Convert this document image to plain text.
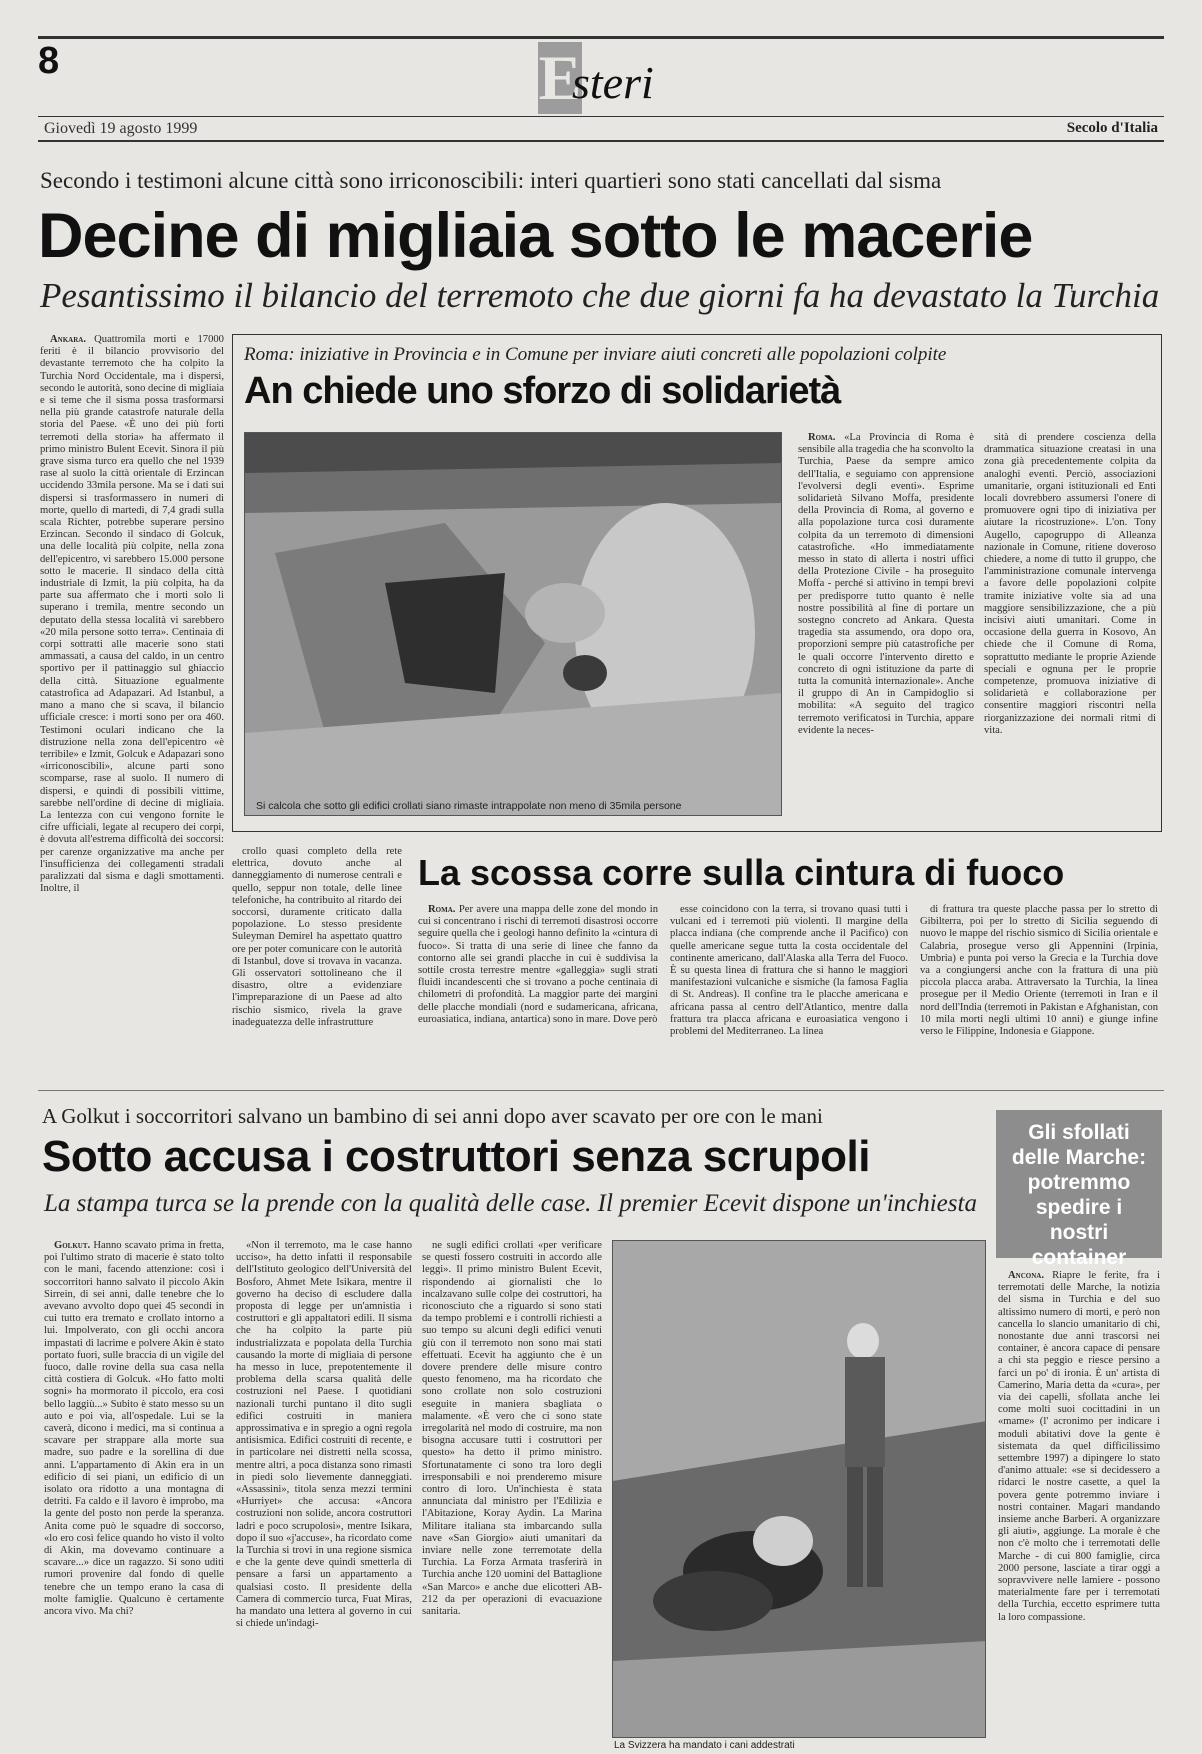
8	E
steri
Giovedì 19 agosto 1999	Secolo d'Italia
Secondo i testimoni alcune città sono irriconoscibili: interi quartieri sono stati cancellati dal sisma
Decine di migliaia sotto le macerie
Pesantissimo il bilancio del terremoto che due giorni fa ha devastato la Turchia

Ankara. Quattromila morti e 17000 feriti è il bilancio provvisorio del devastante terremoto che ha colpito la Turchia Nord Occidentale, ma i dispersi, secondo le autorità, sono decine di migliaia e si teme che il sisma possa trasformarsi nella più grande catastrofe naturale della storia del Paese. «È uno dei più forti terremoti della storia» ha affermato il primo ministro Bulent Ecevit. Sinora il più grave sisma turco era quello che nel 1939 rase al suolo la città orientale di Erzincan uccidendo 33mila persone. Ma se i dati sui dispersi si trasformassero in numeri di morte, quello di martedì, di 7,4 gradi sulla scala Richter, potrebbe superare persino Erzincan. Secondo il sindaco di Golcuk, una delle località più colpite, nella zona dell'epicentro, vi sarebbero 15.000 persone sotto le macerie. Il sindaco della città industriale di Izmit, la più colpita, ha da parte sua affermato che i morti solo li superano i tremila, mentre secondo un deputato della stessa località vi sarebbero «20 mila persone sotto terra». Centinaia di corpi sottratti alle macerie sono stati ammassati, a causa del caldo, in un centro sportivo per il pattinaggio sul ghiaccio della città. Situazione egualmente catastrofica ad Adapazari. Ad Istanbul, a mano a mano che si scava, il bilancio ufficiale cresce: i morti sono per ora 460. Testimoni oculari indicano che la distruzione nella zona dell'epicentro «è terribile» e Izmit, Golcuk e Adapazari sono «irriconoscibili», alcune parti sono scomparse, rase al suolo. Il numero di dispersi, e quindi di possibili vittime, sarebbe nell'ordine di decine di migliaia. La lentezza con cui vengono fornite le cifre ufficiali, legate al recupero dei corpi, è dovuta all'estrema difficoltà dei soccorsi: per carenze organizzative ma anche per l'insufficienza dei collegamenti stradali paralizzati dal sisma e dagli smottamenti. Inoltre, il

Roma: iniziative in Provincia e in Comune per inviare aiuti concreti alle popolazioni colpite
An chiede uno sforzo di solidarietà
Si calcola che sotto gli edifici crollati siano rimaste intrappolate non meno di 35mila persone

Roma. «La Provincia di Roma è sensibile alla tragedia che ha sconvolto la Turchia, Paese da sempre amico dell'Italia, e seguiamo con apprensione l'evolversi degli eventi». Esprime solidarietà Silvano Moffa, presidente della Provincia di Roma, al governo e alla popolazione turca così duramente colpita da un terremoto di dimensioni catastrofiche. «Ho immediatamente messo in stato di allerta i nostri uffici della Protezione Civile - ha proseguito Moffa - perché si attivino in tempi brevi per predisporre tutto quanto è nelle nostre possibilità al fine di portare un sostegno concreto ad Ankara. Questa tragedia sta assumendo, ora dopo ora, proporzioni sempre più catastrofiche per le quali occorre l'intervento diretto e concreto di ogni istituzione da parte di tutta la comunità internazionale». Anche il gruppo di An in Campidoglio si mobilita: «A seguito del tragico terremoto verificatosi in Turchia, appare evidente la neces-

sità di prendere coscienza della drammatica situazione creatasi in una zona già precedentemente colpita da analoghi eventi. Perciò, associazioni umanitarie, organi istituzionali ed Enti locali dovrebbero assumersi l'onere di promuovere ogni tipo di iniziativa per aiutare la ricostruzione». L'on. Tony Augello, capogruppo di Alleanza nazionale in Comune, ritiene doveroso chiedere, a nome di tutto il gruppo, che l'amministrazione comunale intervenga a favore delle popolazioni colpite tramite iniziative volte sia ad una maggiore sensibilizzazione, che a più incisivi aiuti umanitari. Come in occasione della guerra in Kosovo, An chiede che il Comune di Roma, soprattutto mediante le proprie Aziende speciali e ognuna per le proprie competenze, promuova iniziative di solidarietà e collaborazione per consentire maggiori riscontri nella riorganizzazione dei normali ritmi di vita.

crollo quasi completo della rete elettrica, dovuto anche al danneggiamento di numerose centrali e quello, seppur non totale, delle linee telefoniche, ha contribuito al ritardo dei soccorsi, duramente criticato dalla popolazione. Lo stesso presidente Suleyman Demirel ha aspettato quattro ore per poter comunicare con le autorità di Istanbul, dove si trovava in vacanza. Gli osservatori sottolineano che il disastro, oltre a evidenziare l'impreparazione di un Paese ad alto rischio sismico, rivela la grave inadeguatezza delle infrastrutture

La scossa corre sulla cintura di fuoco

Roma. Per avere una mappa delle zone del mondo in cui si concentrano i rischi di terremoti disastrosi occorre seguire quella che i geologi hanno definito la «cintura di fuoco». Si tratta di una serie di linee che fanno da contorno alle sei grandi placche in cui è suddivisa la sottile crosta terrestre mentre «galleggia» sugli strati fluidi incandescenti che si trovano a poche centinaia di chilometri di profondità. La maggior parte dei margini delle placche mondiali (nord e sudamericana, africana, euroasiatica, indiana, antartica) sono in mare. Dove però

esse coincidono con la terra, si trovano quasi tutti i vulcani ed i terremoti più violenti. Il margine della placca indiana (che comprende anche il Pacifico) con quelle americane segue tutta la costa occidentale del continente americano, dall'Alaska alla Terra del Fuoco. È su questa linea di frattura che si hanno le maggiori manifestazioni vulcaniche e sismiche (la famosa Faglia di St. Andreas). Il confine tra le placche americana e africana passa al centro dell'Atlantico, mentre dalla frattura tra placca africana e euroasiatica vengono i problemi del Mediterraneo. La linea

di frattura tra queste placche passa per lo stretto di Gibilterra, poi per lo stretto di Sicilia seguendo di nuovo le mappe del rischio sismico di Sicilia orientale e Calabria, prosegue verso gli Appennini (Irpinia, Umbria) e punta poi verso la Grecia e la Turchia dove va a congiungersi anche con la frattura di una più piccola placca araba. Attraversato la Turchia, la linea prosegue per il Medio Oriente (terremoti in Iran e il nord dell'India (terremoti in Pakistan e Afghanistan, con 10 mila morti negli ultimi 10 anni) e giunge infine verso le Filippine, Indonesia e Giappone.

A Golkut i soccorritori salvano un bambino di sei anni dopo aver scavato per ore con le mani
Sotto accusa i costruttori senza scrupoli
La stampa turca se la prende con la qualità delle case. Il premier Ecevit dispone un'inchiesta

Golkut. Hanno scavato prima in fretta, poi l'ultimo strato di macerie è stato tolto con le mani, facendo attenzione: così i soccorritori hanno salvato il piccolo Akin Sirrein, di sei anni, dalle tenebre che lo avevano avvolto dopo quei 45 secondi in cui tutto era tremato e crollato intorno a lui. Impolverato, con gli occhi ancora impastati di lacrime e polvere Akin è stato portato fuori, sulle braccia di un vigile del fuoco, dalle rovine della sua casa nella città costiera di Golcuk. «Ho fatto molti sogni» ha mormorato il piccolo, era così bello laggiù...» Subito è stato messo su un auto e poi via, all'ospedale. Lui se la caverà, dicono i medici, ma si continua a scavare per strappare alla morte sua madre, suo padre e la sorellina di due anni. L'appartamento di Akin era in un edificio di sei piani, un edificio di un isolato ora ridotto a una montagna di detriti. Fa caldo e il lavoro è improbo, ma la gente del posto non perde la speranza. Anita come può le squadre di soccorso, «lo ero così felice quando ho visto il volto di Akin, ma dovevamo continuare a scavare...» dice un ragazzo. Si sono uditi rumori provenire dal fondo di quelle tenebre che un tempo erano la casa di molte famiglie. Qualcuno è certamente ancora vivo. Ma chi?

«Non il terremoto, ma le case hanno ucciso», ha detto infatti il responsabile dell'Istituto geologico dell'Università del Bosforo, Ahmet Mete Isikara, mentre il governo ha deciso di escludere dalla proposta di legge per un'amnistia i costruttori e gli appaltatori edili. Il sisma che ha colpito la parte più industrializzata e popolata della Turchia causando la morte di migliaia di persone ha messo in luce, prepotentemente il problema della scarsa qualità delle costruzioni nel Paese. I quotidiani nazionali turchi puntano il dito sugli edifici costruiti in maniera approssimativa e in spregio a ogni regola antisismica. Edifici costruiti di recente, e in particolare nei distretti nella scossa, mentre altri, a poca distanza sono rimasti in piedi solo lievemente danneggiati. «Assassini», titola senza mezzi termini «Hurriyet» che accusa: «Ancora costruzioni non solide, ancora costruttori ladri e poco scrupolosi», mentre Isikara, dopo il suo «j'accuse», ha ricordato come la Turchia si trovi in una regione sismica e che la gente deve quindi smetterla di pensare a farsi un appartamento a qualsiasi costo. Il presidente della Camera di commercio turca, Fuat Miras, ha mandato una lettera al governo in cui si chiede un'indagi-

ne sugli edifici crollati «per verificare se questi fossero costruiti in accordo alle leggi». Il primo ministro Bulent Ecevit, rispondendo ai giornalisti che lo incalzavano sulle colpe dei costruttori, ha riconosciuto che a riguardo si sono stati da tempo problemi e i controlli richiesti a suo tempo su alcuni degli edifici venuti giù con il terremoto non sono mai stati effettuati. Ecevit ha aggiunto che è un dovere prendere delle misure contro questo fenomeno, ma ha ricordato che sono crollate non solo costruzioni eseguite in maniera sbagliata o malamente. «È vero che ci sono state irregolarità nel modo di costruire, ma non bisogna accusare tutti i costruttori per questo» ha detto il primo ministro. Sfortunatamente ci sono tra loro degli irresponsabili e noi prenderemo misure contro di loro. Un'inchiesta è stata annunciata dal ministro per l'Edilizia e l'Abitazione, Koray Aydin. La Marina Militare italiana sta imbarcando sulla nave «San Giorgio» aiuti umanitari da inviare nelle zone terremotate della Turchia. La Forza Armata trasferirà in Turchia anche 120 uomini del Battaglione «San Marco» e anche due elicotteri AB-212 da per operazioni di evacuazione sanitaria.

La Svizzera ha mandato i cani addestrati
Gli sfollati delle Marche: potremmo spedire i nostri container

Ancona. Riapre le ferite, fra i terremotati delle Marche, la notizia del sisma in Turchia e del suo altissimo numero di morti, e però non cancella lo slancio umanitario di chi, nonostante due anni trascorsi nei container, è ancora capace di pensare a chi sta peggio e riesce persino a farci un po' di ironia. È un' artista di Camerino, Maria detta da «cura», per via dei capelli, sfollata anche lei come molti suoi cocittadini in un «mame» (l' acronimo per indicare i moduli abitativi dove la gente è sistemata da quel difficilissimo settembre 1997) a dipingere lo stato d'animo attuale: «se si decidessero a ridarci le nostre casette, a quel la povera gente potremmo inviare i nostri container. Magari mandando insieme anche Barberi. A organizzare gli aiuti», aggiunge. La morale è che non c'è molto che i terremotati delle Marche - di cui 800 famiglie, circa 2000 persone, lasciate a tirar oggi a sopravvivere nelle lamiere - possono materialmente fare per i terremotati della Turchia, eccetto esprimere tutta la loro compassione.
